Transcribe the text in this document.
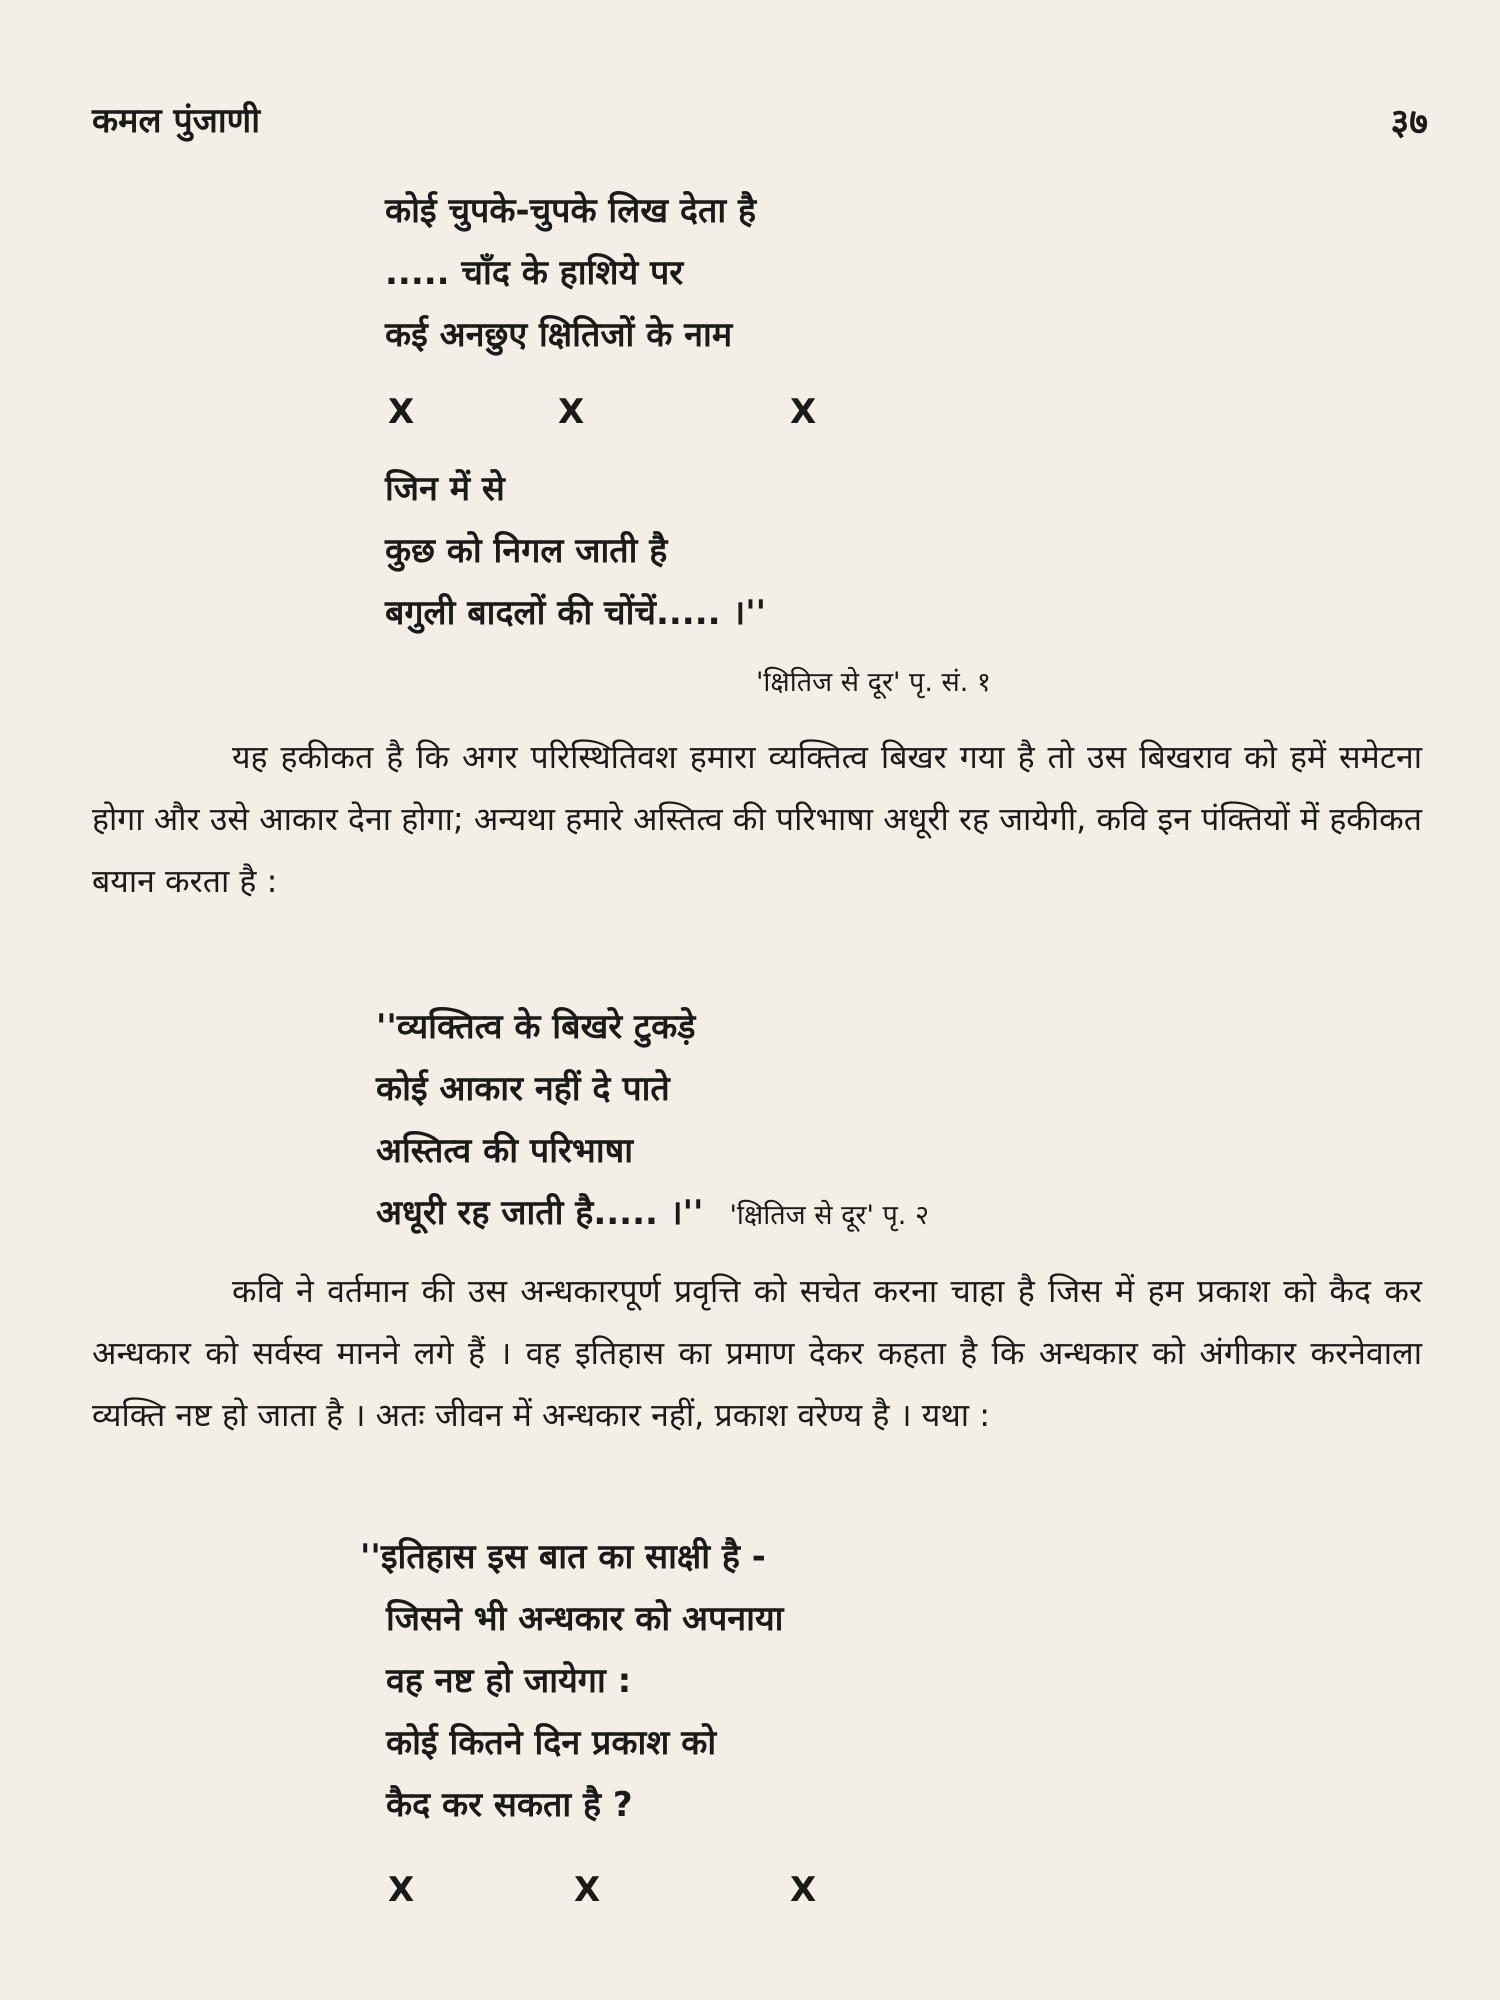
कमल पुंजाणी	३७
कोई चुपके-चुपके लिख देता है
..... चाँद के हाशिये पर
कई अनछुए क्षितिजों के नाम
X	X	X
जिन में से
कुछ को निगल जाती है
बगुली बादलों की चोंचें..... ।''
'क्षितिज से दूर' पृ. सं. १
यह हकीकत है कि अगर परिस्थितिवश हमारा व्यक्तित्व बिखर गया है तो उस बिखराव को हमें समेटना होगा और उसे आकार देना होगा; अन्यथा हमारे अस्तित्व की परिभाषा अधूरी रह जायेगी, कवि इन पंक्तियों में हकीकत बयान करता है :
''व्यक्तित्व के बिखरे टुकड़े
कोई आकार नहीं दे पाते
अस्तित्व की परिभाषा
अधूरी रह जाती है..... ।'' 'क्षितिज से दूर' पृ. २
कवि ने वर्तमान की उस अन्धकारपूर्ण प्रवृत्ति को सचेत करना चाहा है जिस में हम प्रकाश को कैद कर अन्धकार को सर्वस्व मानने लगे हैं । वह इतिहास का प्रमाण देकर कहता है कि अन्धकार को अंगीकार करनेवाला व्यक्ति नष्ट हो जाता है । अतः जीवन में अन्धकार नहीं, प्रकाश वरेण्य है । यथा :
''इतिहास इस बात का साक्षी है -
जिसने भी अन्धकार को अपनाया
वह नष्ट हो जायेगा :
कोई कितने दिन प्रकाश को
कैद कर सकता है ?
X	X	X
